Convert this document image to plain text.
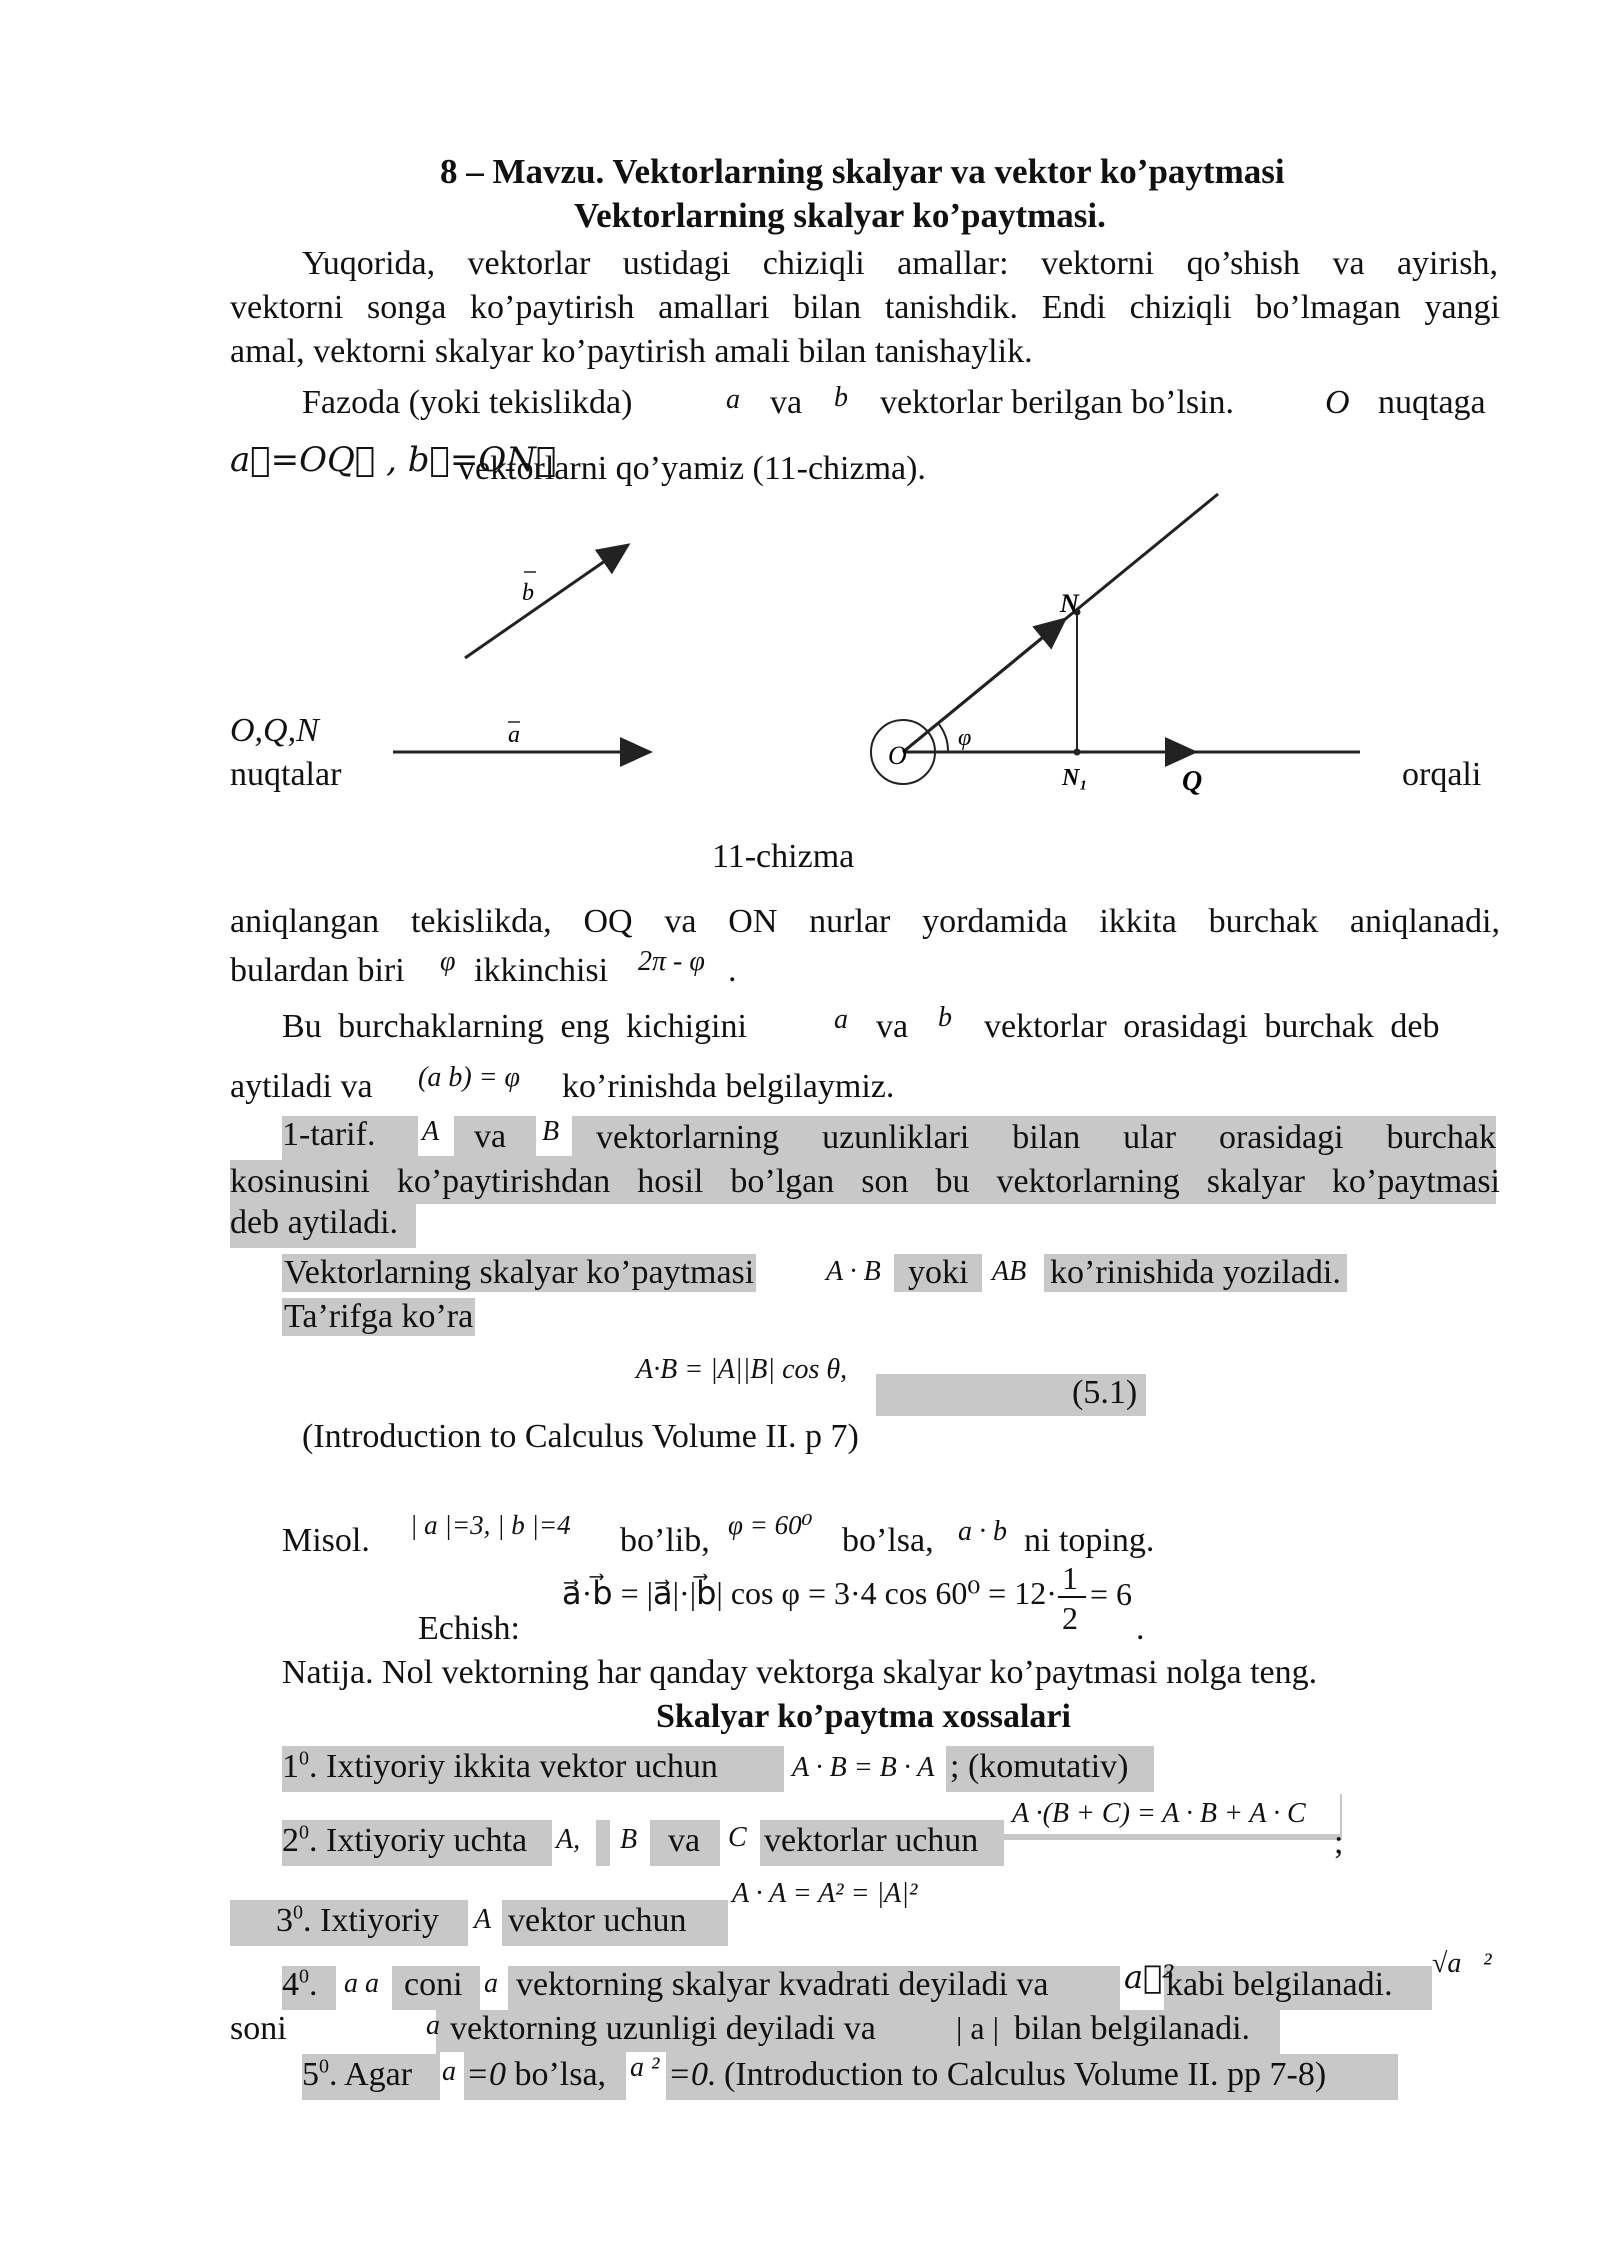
8 – Mavzu. Vektorlarning skalyar va vektor ko’paytmasi
Vektorlarning skalyar ko’paytmasi.
Yuqorida, vektorlar ustidagi chiziqli amallar: vektorni qo’shish va ayirish,
vektorni songa ko’paytirish amallari bilan tanishdik. Endi chiziqli bo’lmagan yangi
amal, vektorni skalyar ko’paytirish amali bilan tanishaylik.
Fazoda (yoki tekislikda)	a va b vektorlar berilgan bo’lsin.	O nuqtaga
a⃗=OQ⃗ , b⃗=ON⃗
vektorlarni qo’yamiz (11-chizma).
b
a
N
O
φ
N₁	Q
O,Q,N
nuqtalar	orqali
11-chizma
aniqlangan tekislikda, OQ va ON nurlar yordamida ikkita burchak aniqlanadi,
bulardan biri φ ikkinchisi 2π - φ .
Bu burchaklarning eng kichigini	a va b vektorlar orasidagi burchak deb
aytiladi va (a b) = φ ko’rinishda belgilaymiz.
1-tarif. A va B vektorlarning uzunliklari bilan ular orasidagi burchak
kosinusini ko’paytirishdan hosil bo’lgan son bu vektorlarning skalyar ko’paytmasi
deb aytiladi.
Vektorlarning skalyar ko’paytmasi	A · B yoki AB ko’rinishida yoziladi.
Ta’rifga ko’ra
A·B = |A||B| cos θ,
(5.1)
(Introduction to Calculus Volume II. p 7)
Misol. | a |=3, | b |=4 bo’lib, φ = 60⁰ bo’lsa, a · b ni toping.
a⃗·b⃗ = |a⃗|·|b⃗| cos φ = 3·4 cos 60⁰ = 12· 1
2
= 6
Echish:	.
Natija. Nol vektorning har qanday vektorga skalyar ko’paytmasi nolga teng.
Skalyar ko’paytma xossalari
$1^0$. Ixtiyoriy ikkita vektor uchun	A · B = B · A ; (komutativ)
$2^0$. Ixtiyoriy uchta A, B va C vektorlar uchun
A ·(B + C) = A · B + A · C
;
$3^0$. Ixtiyoriy A vektor uchun
A · A = A² = |A|²
$4^0$. a a coni a vektorning skalyar kvadrati deyiladi va a⃗²
kabi belgilanadi.
√a⃗²
soni	a vektorning uzunligi deyiladi va	| a | bilan belgilanadi.
$5^0$. Agar a =0 bo’lsa, a ² =0. (Introduction to Calculus Volume II. pp 7-8)
